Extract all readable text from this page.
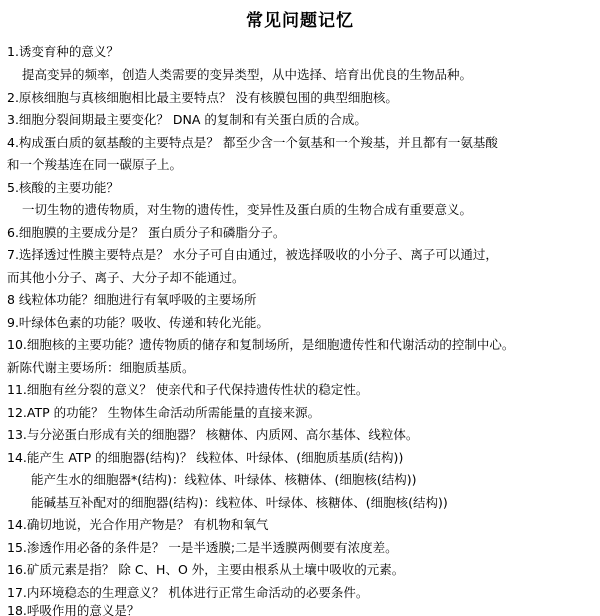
常见问题记忆
1.诱变育种的意义？
提高变异的频率，创造人类需要的变异类型，从中选择、培育出优良的生物品种。
2.原核细胞与真核细胞相比最主要特点？ 没有核膜包围的典型细胞核。
3.细胞分裂间期最主要变化？ DNA 的复制和有关蛋白质的合成。
4.构成蛋白质的氨基酸的主要特点是？ 都至少含一个氨基和一个羧基，并且都有一氨基酸
和一个羧基连在同一碳原子上。
5.核酸的主要功能？
一切生物的遗传物质，对生物的遗传性，变异性及蛋白质的生物合成有重要意义。
6.细胞膜的主要成分是？ 蛋白质分子和磷脂分子。
7.选择透过性膜主要特点是？ 水分子可自由通过，被选择吸收的小分子、离子可以通过，
而其他小分子、离子、大分子却不能通过。
8 线粒体功能？细胞进行有氧呼吸的主要场所
9.叶绿体色素的功能？吸收、传递和转化光能。
10.细胞核的主要功能？遗传物质的储存和复制场所，是细胞遗传性和代谢活动的控制中心。
新陈代谢主要场所：细胞质基质。
11.细胞有丝分裂的意义？ 使亲代和子代保持遗传性状的稳定性。
12.ATP 的功能？ 生物体生命活动所需能量的直接来源。
13.与分泌蛋白形成有关的细胞器？ 核糖体、内质网、高尔基体、线粒体。
14.能产生 ATP 的细胞器(结构)？ 线粒体、叶绿体、(细胞质基质(结构))
能产生水的细胞器*(结构)：线粒体、叶绿体、核糖体、(细胞核(结构))
能碱基互补配对的细胞器(结构)：线粒体、叶绿体、核糖体、(细胞核(结构))
14.确切地说，光合作用产物是？ 有机物和氧气
15.渗透作用必备的条件是？ 一是半透膜;二是半透膜两侧要有浓度差。
16.矿质元素是指？ 除 C、H、O 外，主要由根系从土壤中吸收的元素。
17.内环境稳态的生理意义？ 机体进行正常生命活动的必要条件。
18.呼吸作用的意义是？
